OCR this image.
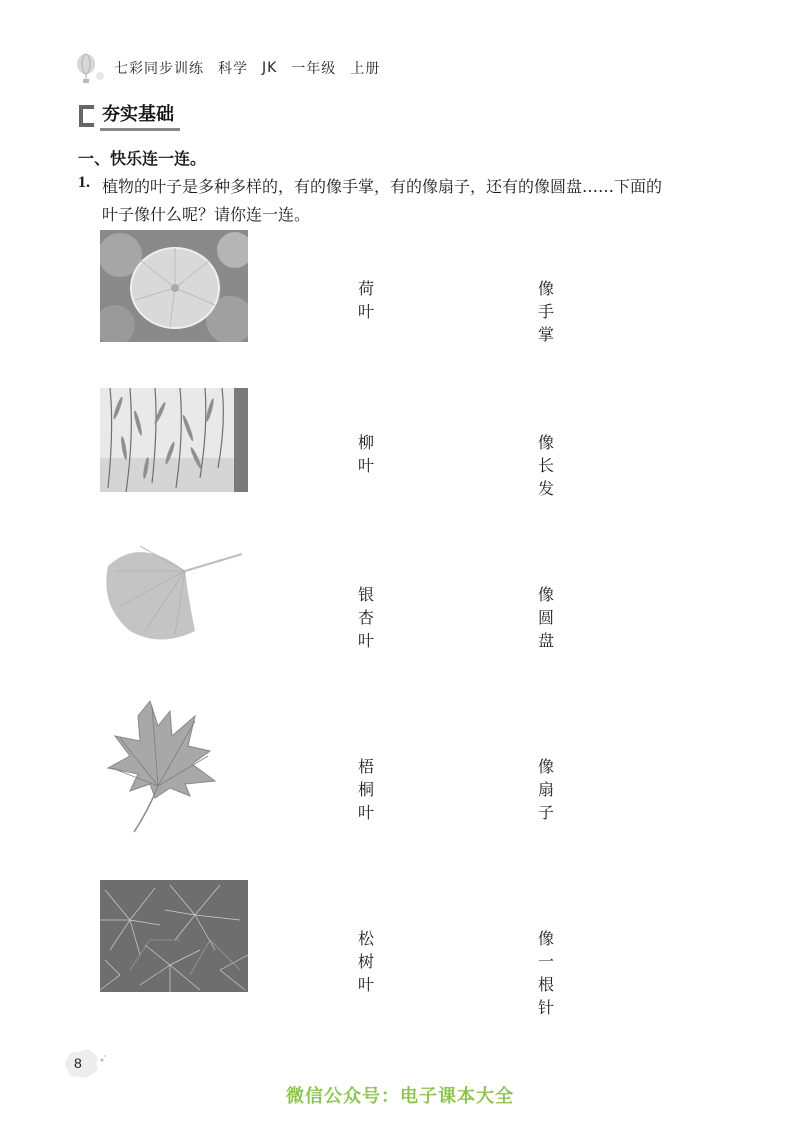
七彩同步训练 科学 JK 一年级 上册
夯实基础
一、快乐连一连。
1. 植物的叶子是多种多样的，有的像手掌，有的像扇子，还有的像圆盘……下面的
叶子像什么呢？请你连一连。
荷叶
像手掌
柳叶
像长发
银杏叶
像圆盘
梧桐叶
像扇子
松树叶
像一根针
8
微信公众号：电子课本大全
